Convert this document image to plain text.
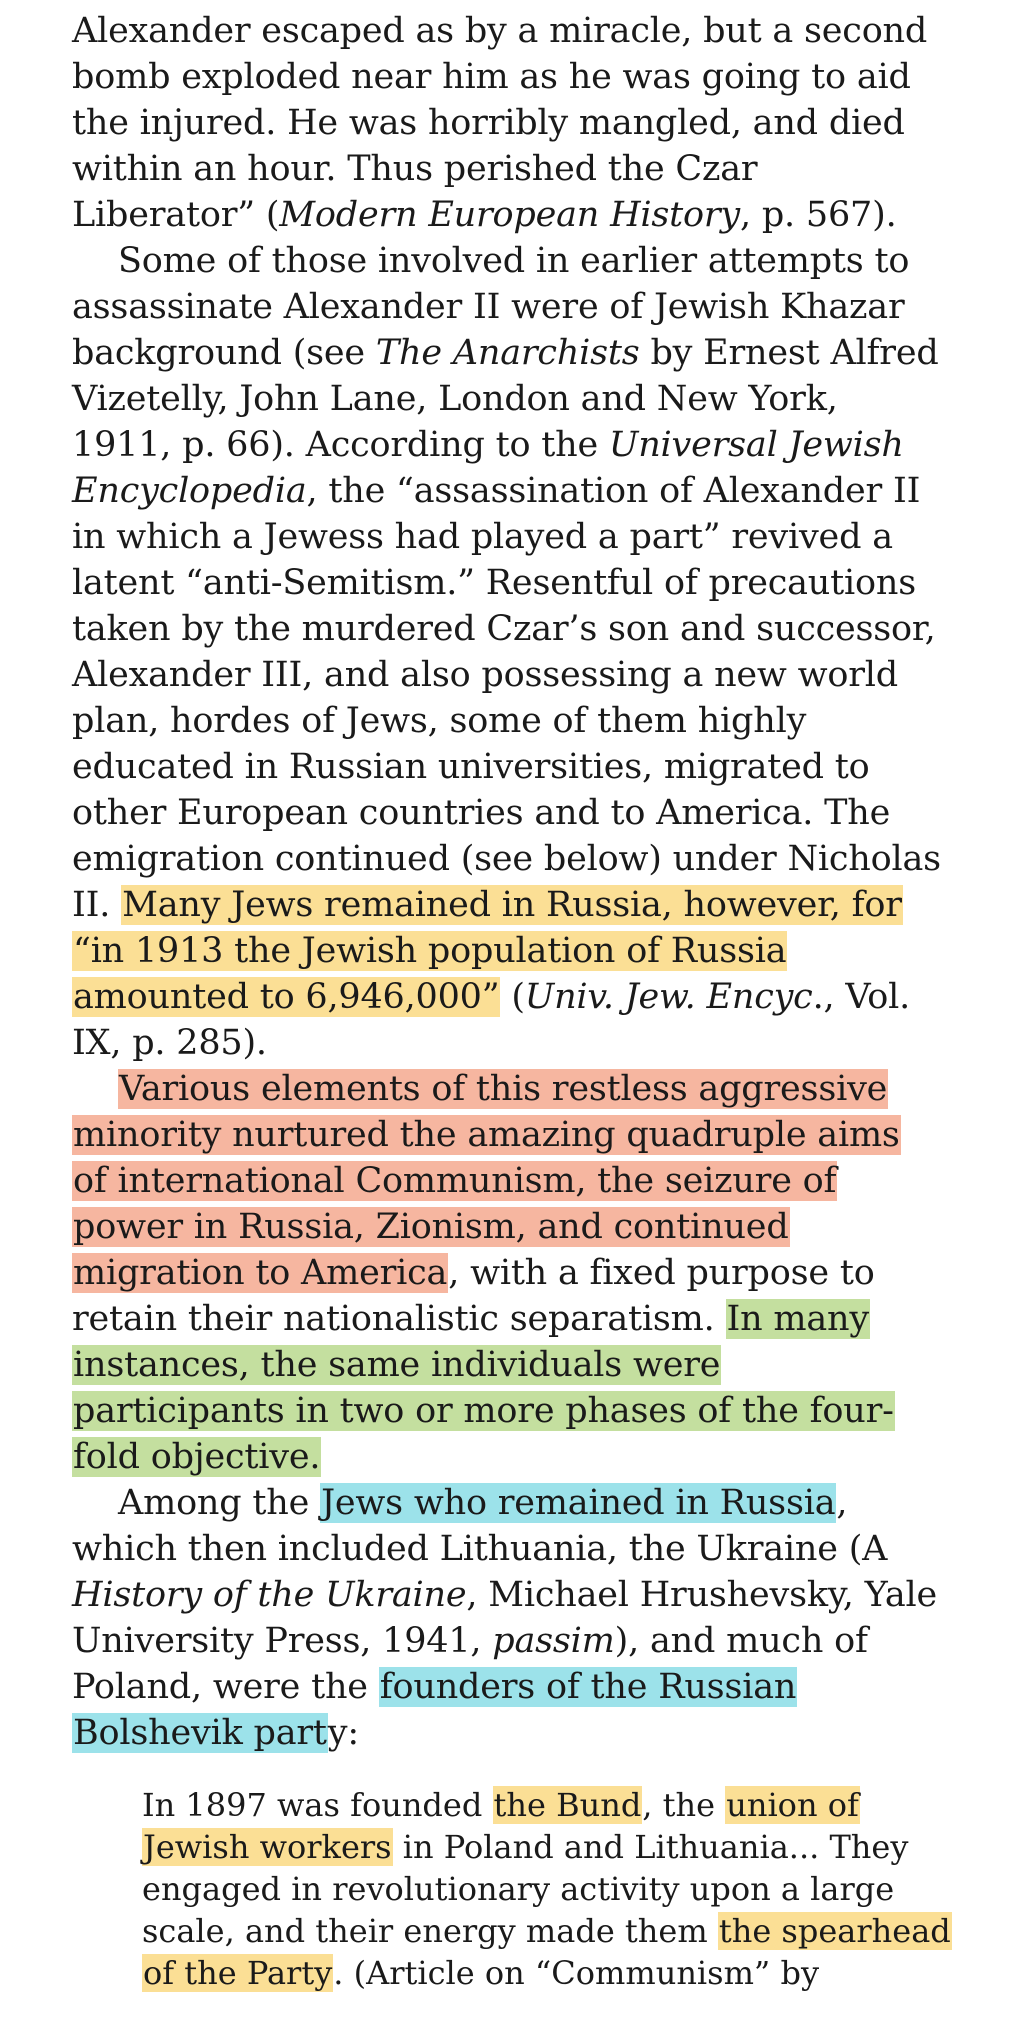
Alexander escaped as by a miracle, but a second
bomb exploded near him as he was going to aid
the injured. He was horribly mangled, and died
within an hour. Thus perished the Czar
Liberator” (Modern European History, p. 567).
Some of those involved in earlier attempts to
assassinate Alexander II were of Jewish Khazar
background (see The Anarchists by Ernest Alfred
Vizetelly, John Lane, London and New York,
1911, p. 66). According to the Universal Jewish
Encyclopedia, the “assassination of Alexander II
in which a Jewess had played a part” revived a
latent “anti-Semitism.” Resentful of precautions
taken by the murdered Czar’s son and successor,
Alexander III, and also possessing a new world
plan, hordes of Jews, some of them highly
educated in Russian universities, migrated to
other European countries and to America. The
emigration continued (see below) under Nicholas
II. Many Jews remained in Russia, however, for
“in 1913 the Jewish population of Russia
amounted to 6,946,000” (Univ. Jew. Encyc., Vol.
IX, p. 285).
Various elements of this restless aggressive
minority nurtured the amazing quadruple aims
of international Communism, the seizure of
power in Russia, Zionism, and continued
migration to America, with a fixed purpose to
retain their nationalistic separatism. In many
instances, the same individuals were
participants in two or more phases of the four-
fold objective.
Among the Jews who remained in Russia,
which then included Lithuania, the Ukraine (A
History of the Ukraine, Michael Hrushevsky, Yale
University Press, 1941, passim), and much of
Poland, were the founders of the Russian
Bolshevik party:
In 1897 was founded the Bund, the union of
Jewish workers in Poland and Lithuania... They
engaged in revolutionary activity upon a large
scale, and their energy made them the spearhead
of the Party. (Article on “Communism” by
